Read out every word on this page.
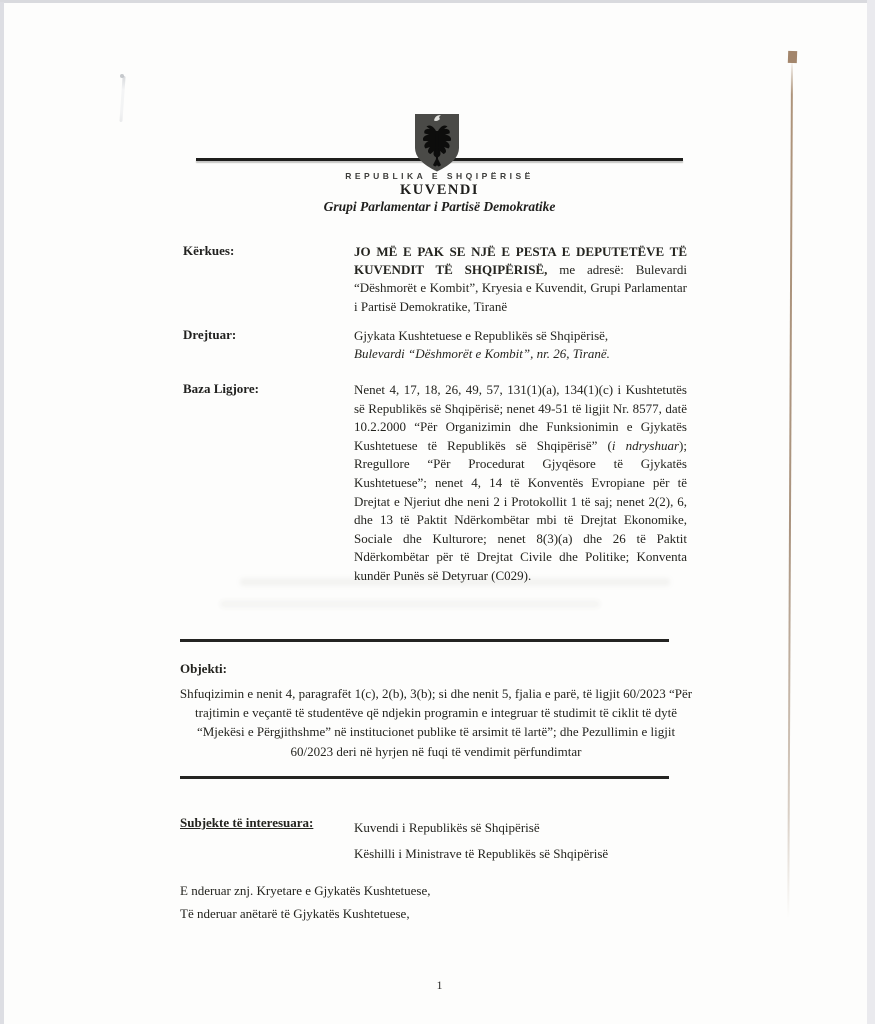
REPUBLIKA E SHQIPËRISË
KUVENDI
Grupi Parlamentar i Partisë Demokratike
Kërkues:	JO MË E PAK SE NJË E PESTA E DEPUTETËVE TË KUVENDIT TË SHQIPËRISË, me adresë: Bulevardi “Dëshmorët e Kombit”, Kryesia e Kuvendit, Grupi Parlamentar i Partisë Demokratike, Tiranë
Drejtuar:	Gjykata Kushtetuese e Republikës së Shqipërisë,
Bulevardi “Dëshmorët e Kombit”, nr. 26, Tiranë.
Baza Ligjore:	Nenet 4, 17, 18, 26, 49, 57, 131(1)(a), 134(1)(c) i Kushtetutës së Republikës së Shqipërisë; nenet 49-51 të ligjit Nr. 8577, datë 10.2.2000 “Për Organizimin dhe Funksionimin e Gjykatës Kushtetuese të Republikës së Shqipërisë” (i ndryshuar); Rregullore “Për Procedurat Gjyqësore të Gjykatës Kushtetuese”; nenet 4, 14 të Konventës Evropiane për të Drejtat e Njeriut dhe neni 2 i Protokollit 1 të saj; nenet 2(2), 6, dhe 13 të Paktit Ndërkombëtar mbi të Drejtat Ekonomike, Sociale dhe Kulturore; nenet 8(3)(a) dhe 26 të Paktit Ndërkombëtar për të Drejtat Civile dhe Politike; Konventa kundër Punës së Detyruar (C029).
Objekti:
Shfuqizimin e nenit 4, paragrafët 1(c), 2(b), 3(b); si dhe nenit 5, fjalia e parë, të ligjit 60/2023 “Për trajtimin e veçantë të studentëve që ndjekin programin e integruar të studimit të ciklit të dytë “Mjekësi e Përgjithshme” në institucionet publike të arsimit të lartë”; dhe Pezullimin e ligjit 60/2023 deri në hyrjen në fuqi të vendimit përfundimtar
Subjekte të interesuara:	Kuvendi i Republikës së Shqipërisë
Këshilli i Ministrave të Republikës së Shqipërisë
E nderuar znj. Kryetare e Gjykatës Kushtetuese,
Të nderuar anëtarë të Gjykatës Kushtetuese,
1
